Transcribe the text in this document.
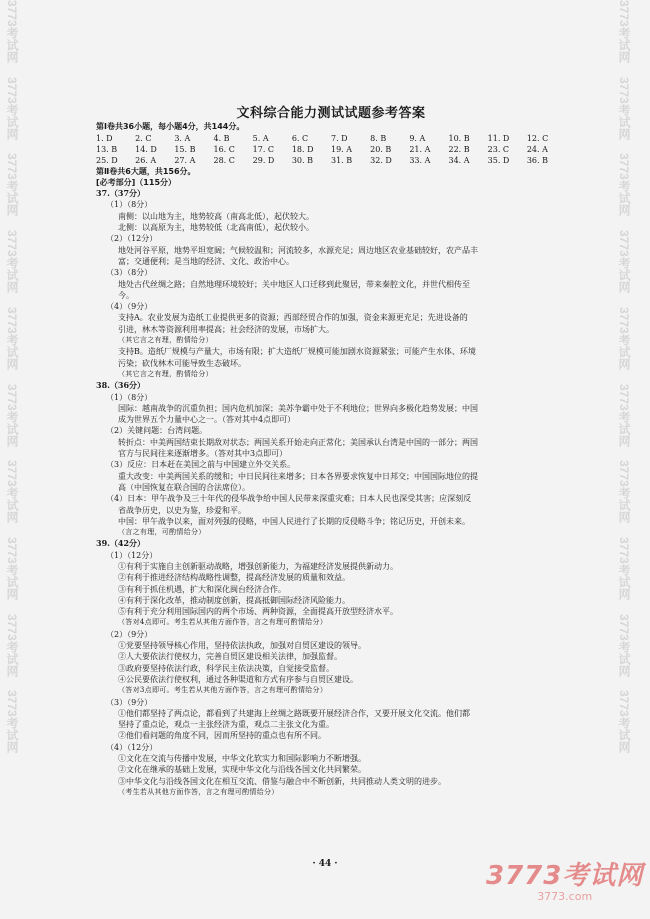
3773考试网
3773考试网
3773考试网
3773考试网
3773考试网
3773考试网
3773考试网
3773考试网
3773考试网
3773考试网
3773考试网
3773考试网
3773考试网
3773考试网
3773考试网
3773考试网
3773考试网
3773考试网
3773考试网
3773考试网
文科综合能力测试试题参考答案
第Ⅰ卷共36小题，每小题4分，共144分。
1. D	2. C	3. A	4. B	5. A	6. C	7. D	8. B	9. A	10. B	11. D	12. C
13. B	14. D	15. B	16. C	17. C	18. D	19. A	20. B	21. A	22. B	23. C	24. A
25. D	26. A	27. A	28. C	29. D	30. B	31. B	32. D	33. A	34. A	35. D	36. B
第Ⅱ卷共6大题，共156分。
[必考部分]（115分）
37.（37分）
（1）（8分）
南侧：以山地为主，地势较高（南高北低），起伏较大。
北侧：以高原为主，地势较低（北高南低），起伏较小。
（2）（12分）
地处河谷平原，地势平坦宽阔；气候较温和；河流较多，水源充足；周边地区农业基础较好，农产品丰
富；交通便利；是当地的经济、文化、政治中心。
（3）（8分）
地处古代丝绸之路；自然地理环境较好；关中地区人口迁移到此聚居，带来秦腔文化，并世代相传至
今。
（4）（9分）
支持A。农业发展为造纸工业提供更多的资源；西部经贸合作的加强，资金来源更充足；先进设备的
引进，林木等资源利用率提高；社会经济的发展，市场扩大。
（其它言之有理，酌情给分）
支持B。造纸厂规模与产量大，市场有限；扩大造纸厂规模可能加剧水资源紧张；可能产生水体、环境
污染；砍伐林木可能导致生态破坏。
（其它言之有理，酌情给分）
38.（36分）
（1）（8分）
国际：越南战争的沉重负担；国内危机加深；美苏争霸中处于不利地位；世界向多极化趋势发展；中国
成为世界五个力量中心之一。（答对其中4点即可）
（2）关键问题：台湾问题。
转折点：中美两国结束长期敌对状态；两国关系开始走向正常化；美国承认台湾是中国的一部分；两国
官方与民间往来逐渐增多。（答对其中3点即可）
（3）反应：日本赶在美国之前与中国建立外交关系。
重大改变：中美两国关系的缓和；中日民间往来增多；日本各界要求恢复中日邦交；中国国际地位的提
高（中国恢复在联合国的合法席位）。
（4）日本：甲午战争及三十年代的侵华战争给中国人民带来深重灾难；日本人民也深受其害；应深刻反
省战争历史，以史为鉴，珍爱和平。
中国：甲午战争以来，面对列强的侵略，中国人民进行了长期的反侵略斗争；铭记历史，开创未来。
（言之有理，可酌情给分）
39.（42分）
（1）（12分）
①有利于实施自主创新驱动战略，增强创新能力，为福建经济发展提供新动力。
②有利于推进经济结构战略性调整，提高经济发展的质量和效益。
③有利于抓住机遇，扩大和深化闽台经济合作。
④有利于深化改革，推动制度创新，提高抵御国际经济风险能力。
⑤有利于充分利用国际国内的两个市场、两种资源，全面提高开放型经济水平。
（答对4点即可。考生若从其他方面作答，言之有理可酌情给分）
（2）（9分）
①党要坚持领导核心作用，坚持依法执政，加强对自贸区建设的领导。
②人大要依法行使权力，完善自贸区建设相关法律，加强监督。
③政府要坚持依法行政，科学民主依法决策，自觉接受监督。
④公民要依法行使权利，通过各种渠道和方式有序参与自贸区建设。
（答对3点即可。考生若从其他方面作答，言之有理可酌情给分）
（3）（9分）
①他们都坚持了两点论，都看到了共建海上丝绸之路既要开展经济合作，又要开展文化交流。他们都
坚持了重点论，观点一主张经济为重，观点二主张文化为重。
②他们看问题的角度不同，因而所坚持的重点也有所不同。
（4）（12分）
①文化在交流与传播中发展，中华文化软实力和国际影响力不断增强。
②文化在继承的基础上发展，实现中华文化与沿线各国文化共同繁荣。
③中华文化与沿线各国文化在相互交流、借鉴与融合中不断创新，共同推动人类文明的进步。
（考生若从其他方面作答，言之有理可酌情给分）
· 44 ·	3773考试网
3773.com
